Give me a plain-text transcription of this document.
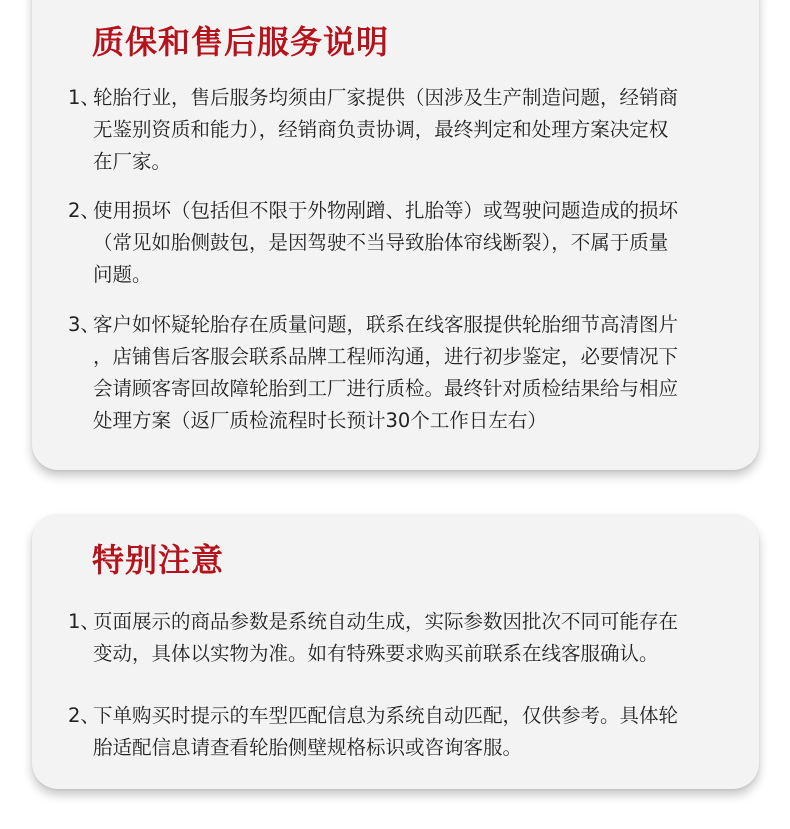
质保和售后服务说明
1、
轮胎行业，售后服务均须由厂家提供（因涉及生产制造问题，经销商
无鉴别资质和能力），经销商负责协调，最终判定和处理方案决定权
在厂家。
2、
使用损坏（包括但不限于外物剐蹭、扎胎等）或驾驶问题造成的损坏
（常见如胎侧鼓包，是因驾驶不当导致胎体帘线断裂），不属于质量
问题。
3、
客户如怀疑轮胎存在质量问题，联系在线客服提供轮胎细节高清图片
，店铺售后客服会联系品牌工程师沟通，进行初步鉴定，必要情况下
会请顾客寄回故障轮胎到工厂进行质检。最终针对质检结果给与相应
处理方案（返厂质检流程时长预计30个工作日左右）
特别注意
1、
页面展示的商品参数是系统自动生成，实际参数因批次不同可能存在
变动，具体以实物为准。如有特殊要求购买前联系在线客服确认。
2、
下单购买时提示的车型匹配信息为系统自动匹配，仅供参考。具体轮
胎适配信息请查看轮胎侧壁规格标识或咨询客服。
